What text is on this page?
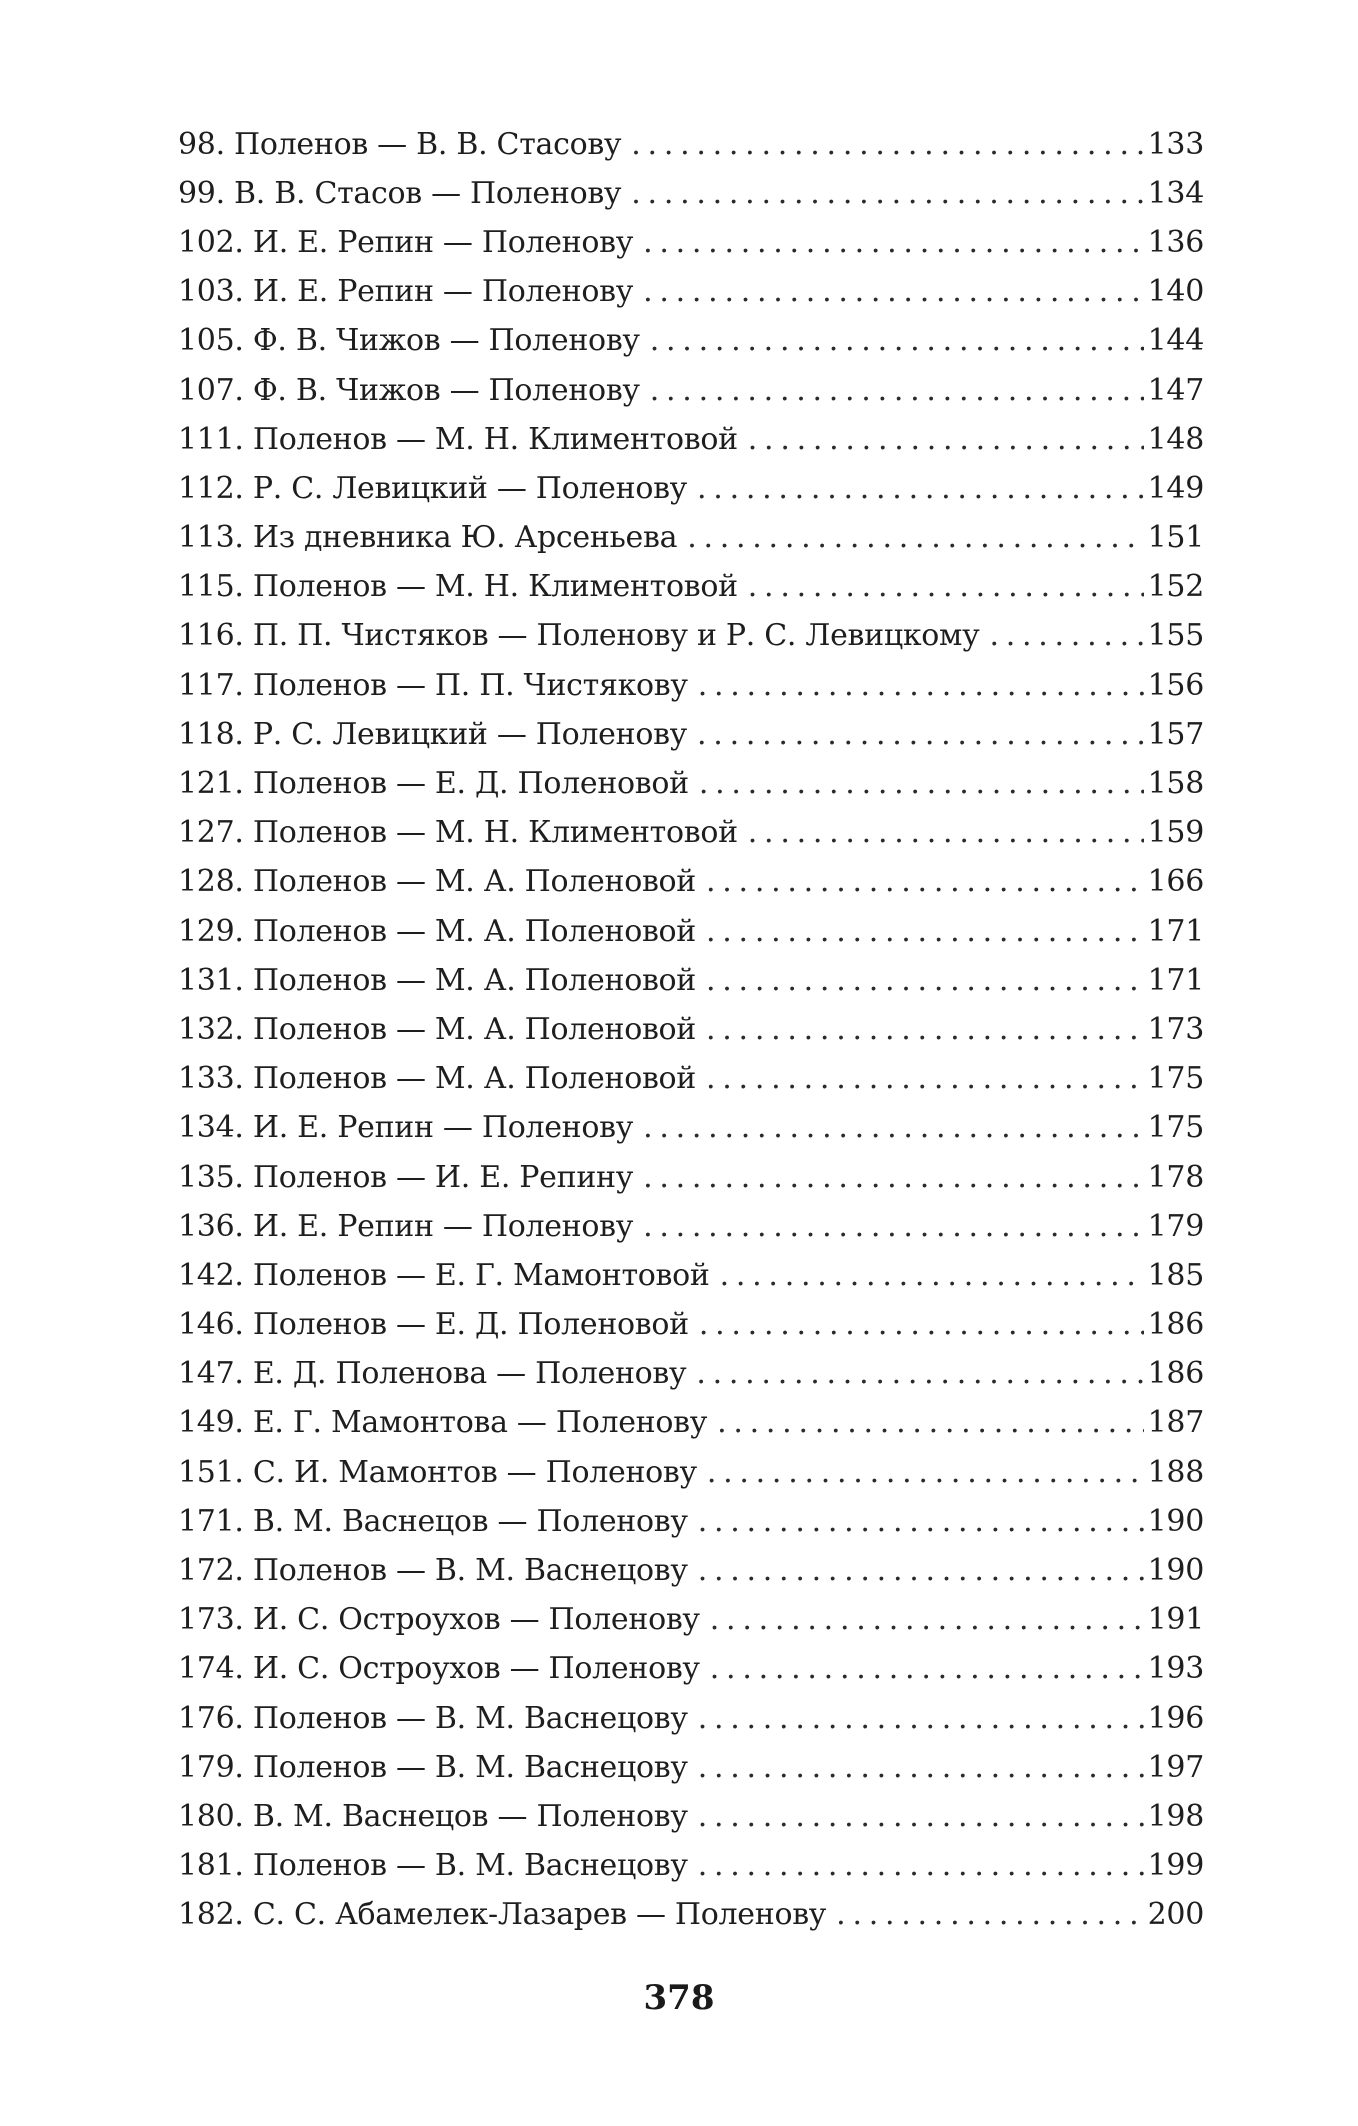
98. Поленов — В. В. Стасову . . .	133
99. В. В. Стасов — Поленову . . .	134
102. И. Е. Репин — Поленову . . .	136
103. И. Е. Репин — Поленову . . .	140
105. Ф. В. Чижов — Поленову . . .	144
107. Ф. В. Чижов — Поленову . . .	147
111. Поленов — М. Н. Климентовой . . .	148
112. Р. С. Левицкий — Поленову . . .	149
113. Из дневника Ю. Арсеньева . . .	151
115. Поленов — М. Н. Климентовой . . .	152
116. П. П. Чистяков — Поленову и Р. С. Левицкому . . .	155
117. Поленов — П. П. Чистякову . . .	156
118. Р. С. Левицкий — Поленову . . .	157
121. Поленов — Е. Д. Поленовой . . .	158
127. Поленов — М. Н. Климентовой . . .	159
128. Поленов — М. А. Поленовой . . .	166
129. Поленов — М. А. Поленовой . . .	171
131. Поленов — М. А. Поленовой . . .	171
132. Поленов — М. А. Поленовой . . .	173
133. Поленов — М. А. Поленовой . . .	175
134. И. Е. Репин — Поленову . . .	175
135. Поленов — И. Е. Репину . . .	178
136. И. Е. Репин — Поленову . . .	179
142. Поленов — Е. Г. Мамонтовой . . .	185
146. Поленов — Е. Д. Поленовой . . .	186
147. Е. Д. Поленова — Поленову . . .	186
149. Е. Г. Мамонтова — Поленову . . .	187
151. С. И. Мамонтов — Поленову . . .	188
171. В. М. Васнецов — Поленову . . .	190
172. Поленов — В. М. Васнецову . . .	190
173. И. С. Остроухов — Поленову . . .	191
174. И. С. Остроухов — Поленову . . .	193
176. Поленов — В. М. Васнецову . . .	196
179. Поленов — В. М. Васнецову . . .	197
180. В. М. Васнецов — Поленову . . .	198
181. Поленов — В. М. Васнецову . . .	199
182. С. С. Абамелек-Лазарев — Поленову . . .	200
378
